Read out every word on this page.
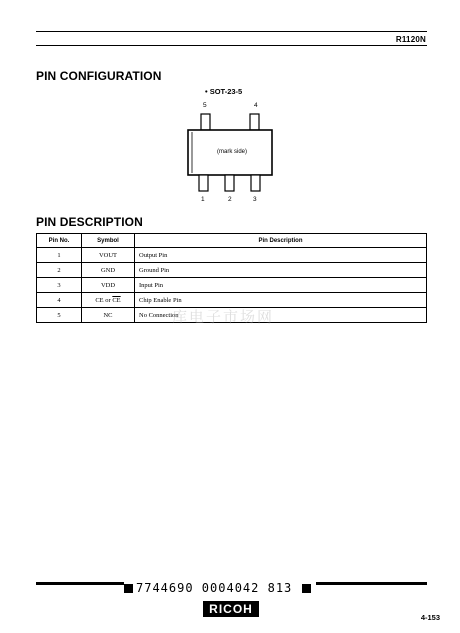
R1120N
PIN CONFIGURATION
• SOT-23-5
5	4
(mark side)
1	2	3
PIN DESCRIPTION
Pin No.	Symbol	Pin Description
1	VOUT	Output Pin
2	GND	Ground Pin
3	VDD	Input Pin
4	CE or $\overline{CE}$	Chip Enable Pin
5	NC	No Connection
库电子市场网
7744690 0004042 813
RICOH
4-153
